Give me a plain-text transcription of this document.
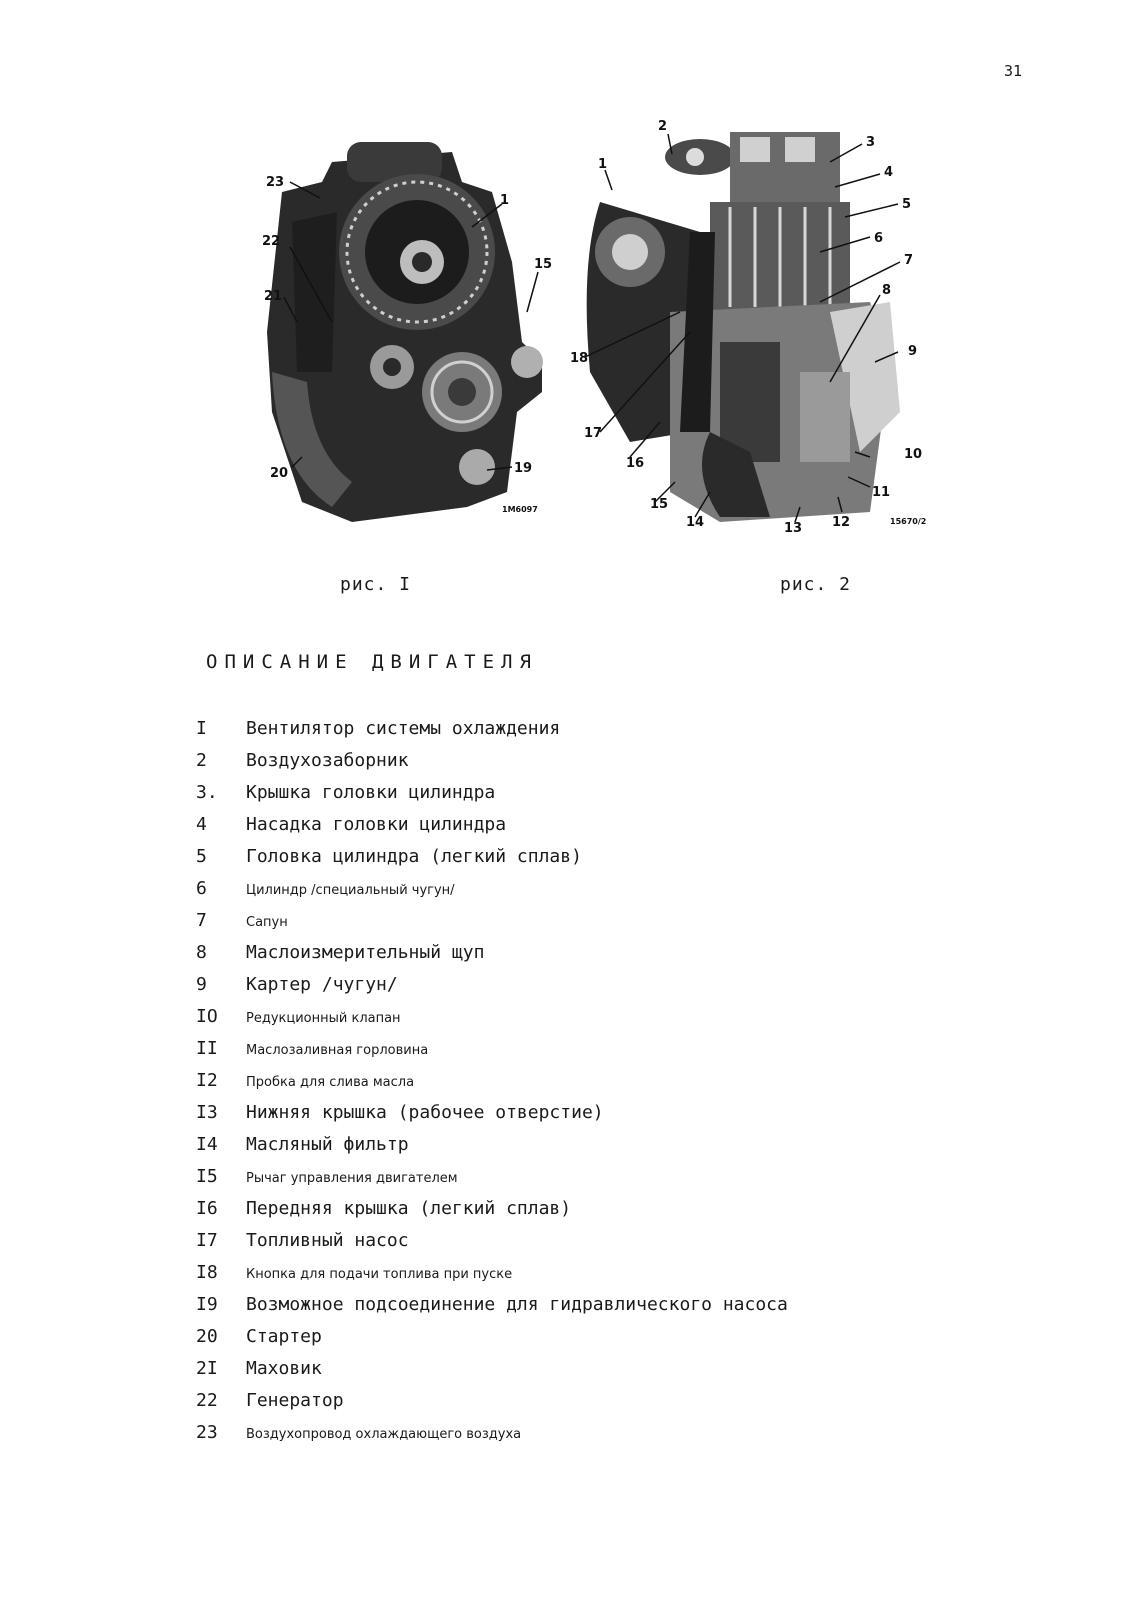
31
23
1
22
21
15
20	19
1M6097
2
3
1
4
5
6
7
8
18	9
17
16
10
15
11
14	13 12	15670/2
рис. I	рис. 2
ОПИСАНИЕ ДВИГАТЕЛЯ
I	Вентилятор системы охлаждения
2	Воздухозаборник
3.	Крышка головки цилиндра
4	Насадка головки цилиндра
5	Головка цилиндра (легкий сплав)
6	Цилиндр /специальный чугун/
7	Сапун
8	Маслоизмерительный щуп
9	Картер /чугун/
IO	Редукционный клапан
II	Маслозаливная горловина
I2	Пробка для слива масла
I3	Нижняя крышка (рабочее отверстие)
I4	Масляный фильтр
I5	Рычаг управления двигателем
I6	Передняя крышка (легкий сплав)
I7	Топливный насос
I8	Кнопка для подачи топлива при пуске
I9	Возможное подсоединение для гидравлического насоса
20	Стартер
2I	Маховик
22	Генератор
23	Воздухопровод охлаждающего воздуха
